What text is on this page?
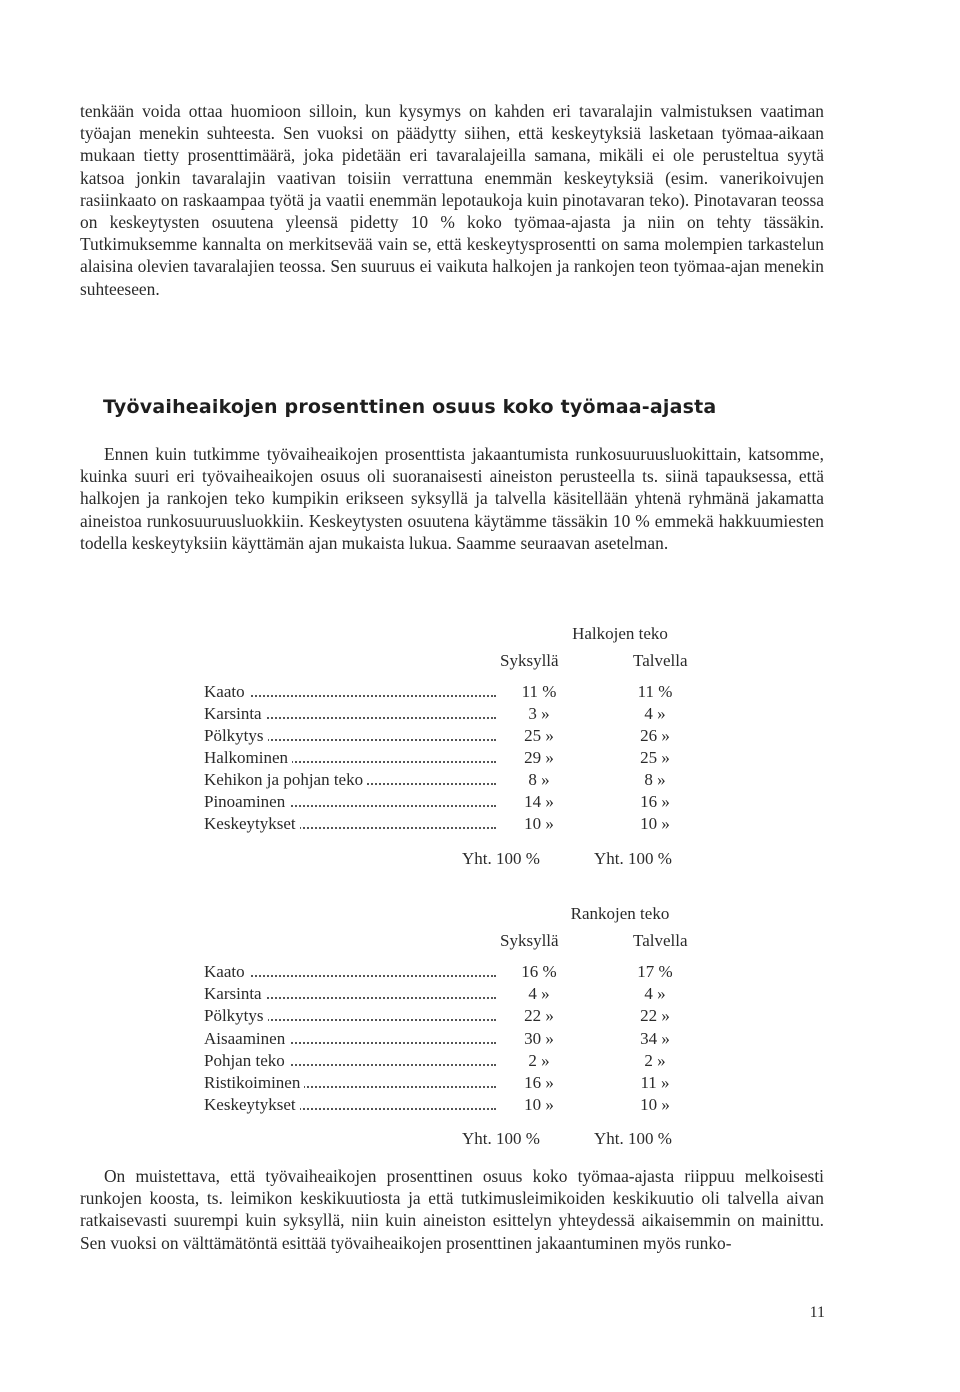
tenkään voida ottaa huomioon silloin, kun kysymys on kahden eri tavaralajin valmistuksen vaatiman työajan menekin suhteesta. Sen vuoksi on päädytty siihen, että keskeytyksiä lasketaan työmaa-aikaan mukaan tietty prosenttimäärä, joka pidetään eri tavaralajeilla samana, mikäli ei ole perusteltua syytä katsoa jonkin tavaralajin vaativan toisiin verrattuna enemmän keskeytyksiä (esim. vanerikoivujen rasiinkaato on raskaampaa työtä ja vaatii enemmän lepotaukoja kuin pinotavaran teko). Pinotavaran teossa on keskeytysten osuutena yleensä pidetty 10 % koko työmaa-ajasta ja niin on tehty tässäkin. Tutkimuksemme kannalta on merkitsevää vain se, että keskeytysprosentti on sama molempien tarkastelun alaisina olevien tavaralajien teossa. Sen suuruus ei vaikuta halkojen ja rankojen teon työmaa-ajan menekin suhteeseen.

Työvaiheaikojen prosenttinen osuus koko työmaa-ajasta

Ennen kuin tutkimme työvaiheaikojen prosenttista jakaantumista runkosuuruusluokittain, katsomme, kuinka suuri eri työvaiheaikojen osuus oli suoranaisesti aineiston perusteella ts. siinä tapauksessa, että halkojen ja rankojen teko kumpikin erikseen syksyllä ja talvella käsitellään yhtenä ryhmänä jakamatta aineistoa runkosuuruusluokkiin. Keskeytysten osuutena käytämme tässäkin 10 % emmekä hakkuumiesten todella keskeytyksiin käyttämän ajan mukaista lukua. Saamme seuraavan asetelman.

Halkojen teko
Syksyllä	Talvella
Kaato	11 %	11 %
Karsinta	3 »	4 »
Pölkytys	25 »	26 »
Halkominen	29 »	25 »
Kehikon ja pohjan teko	8 »	8 »
Pinoaminen	14 »	16 »
Keskeytykset	10 »	10 »
Yht. 100 %	Yht. 100 %
Rankojen teko
Syksyllä	Talvella
Kaato	16 %	17 %
Karsinta	4 »	4 »
Pölkytys	22 »	22 »
Aisaaminen	30 »	34 »
Pohjan teko	2 »	2 »
Ristikoiminen	16 »	11 »
Keskeytykset	10 »	10 »
Yht. 100 %	Yht. 100 %

On muistettava, että työvaiheaikojen prosenttinen osuus koko työmaa-ajasta riippuu melkoisesti runkojen koosta, ts. leimikon keskikuutiosta ja että tutkimusleimikoiden keskikuutio oli talvella aivan ratkaisevasti suurempi kuin syksyllä, niin kuin aineiston esittelyn yhteydessä aikaisemmin on mainittu. Sen vuoksi on välttämätöntä esittää työvaiheaikojen prosenttinen jakaantuminen myös runko-

11
